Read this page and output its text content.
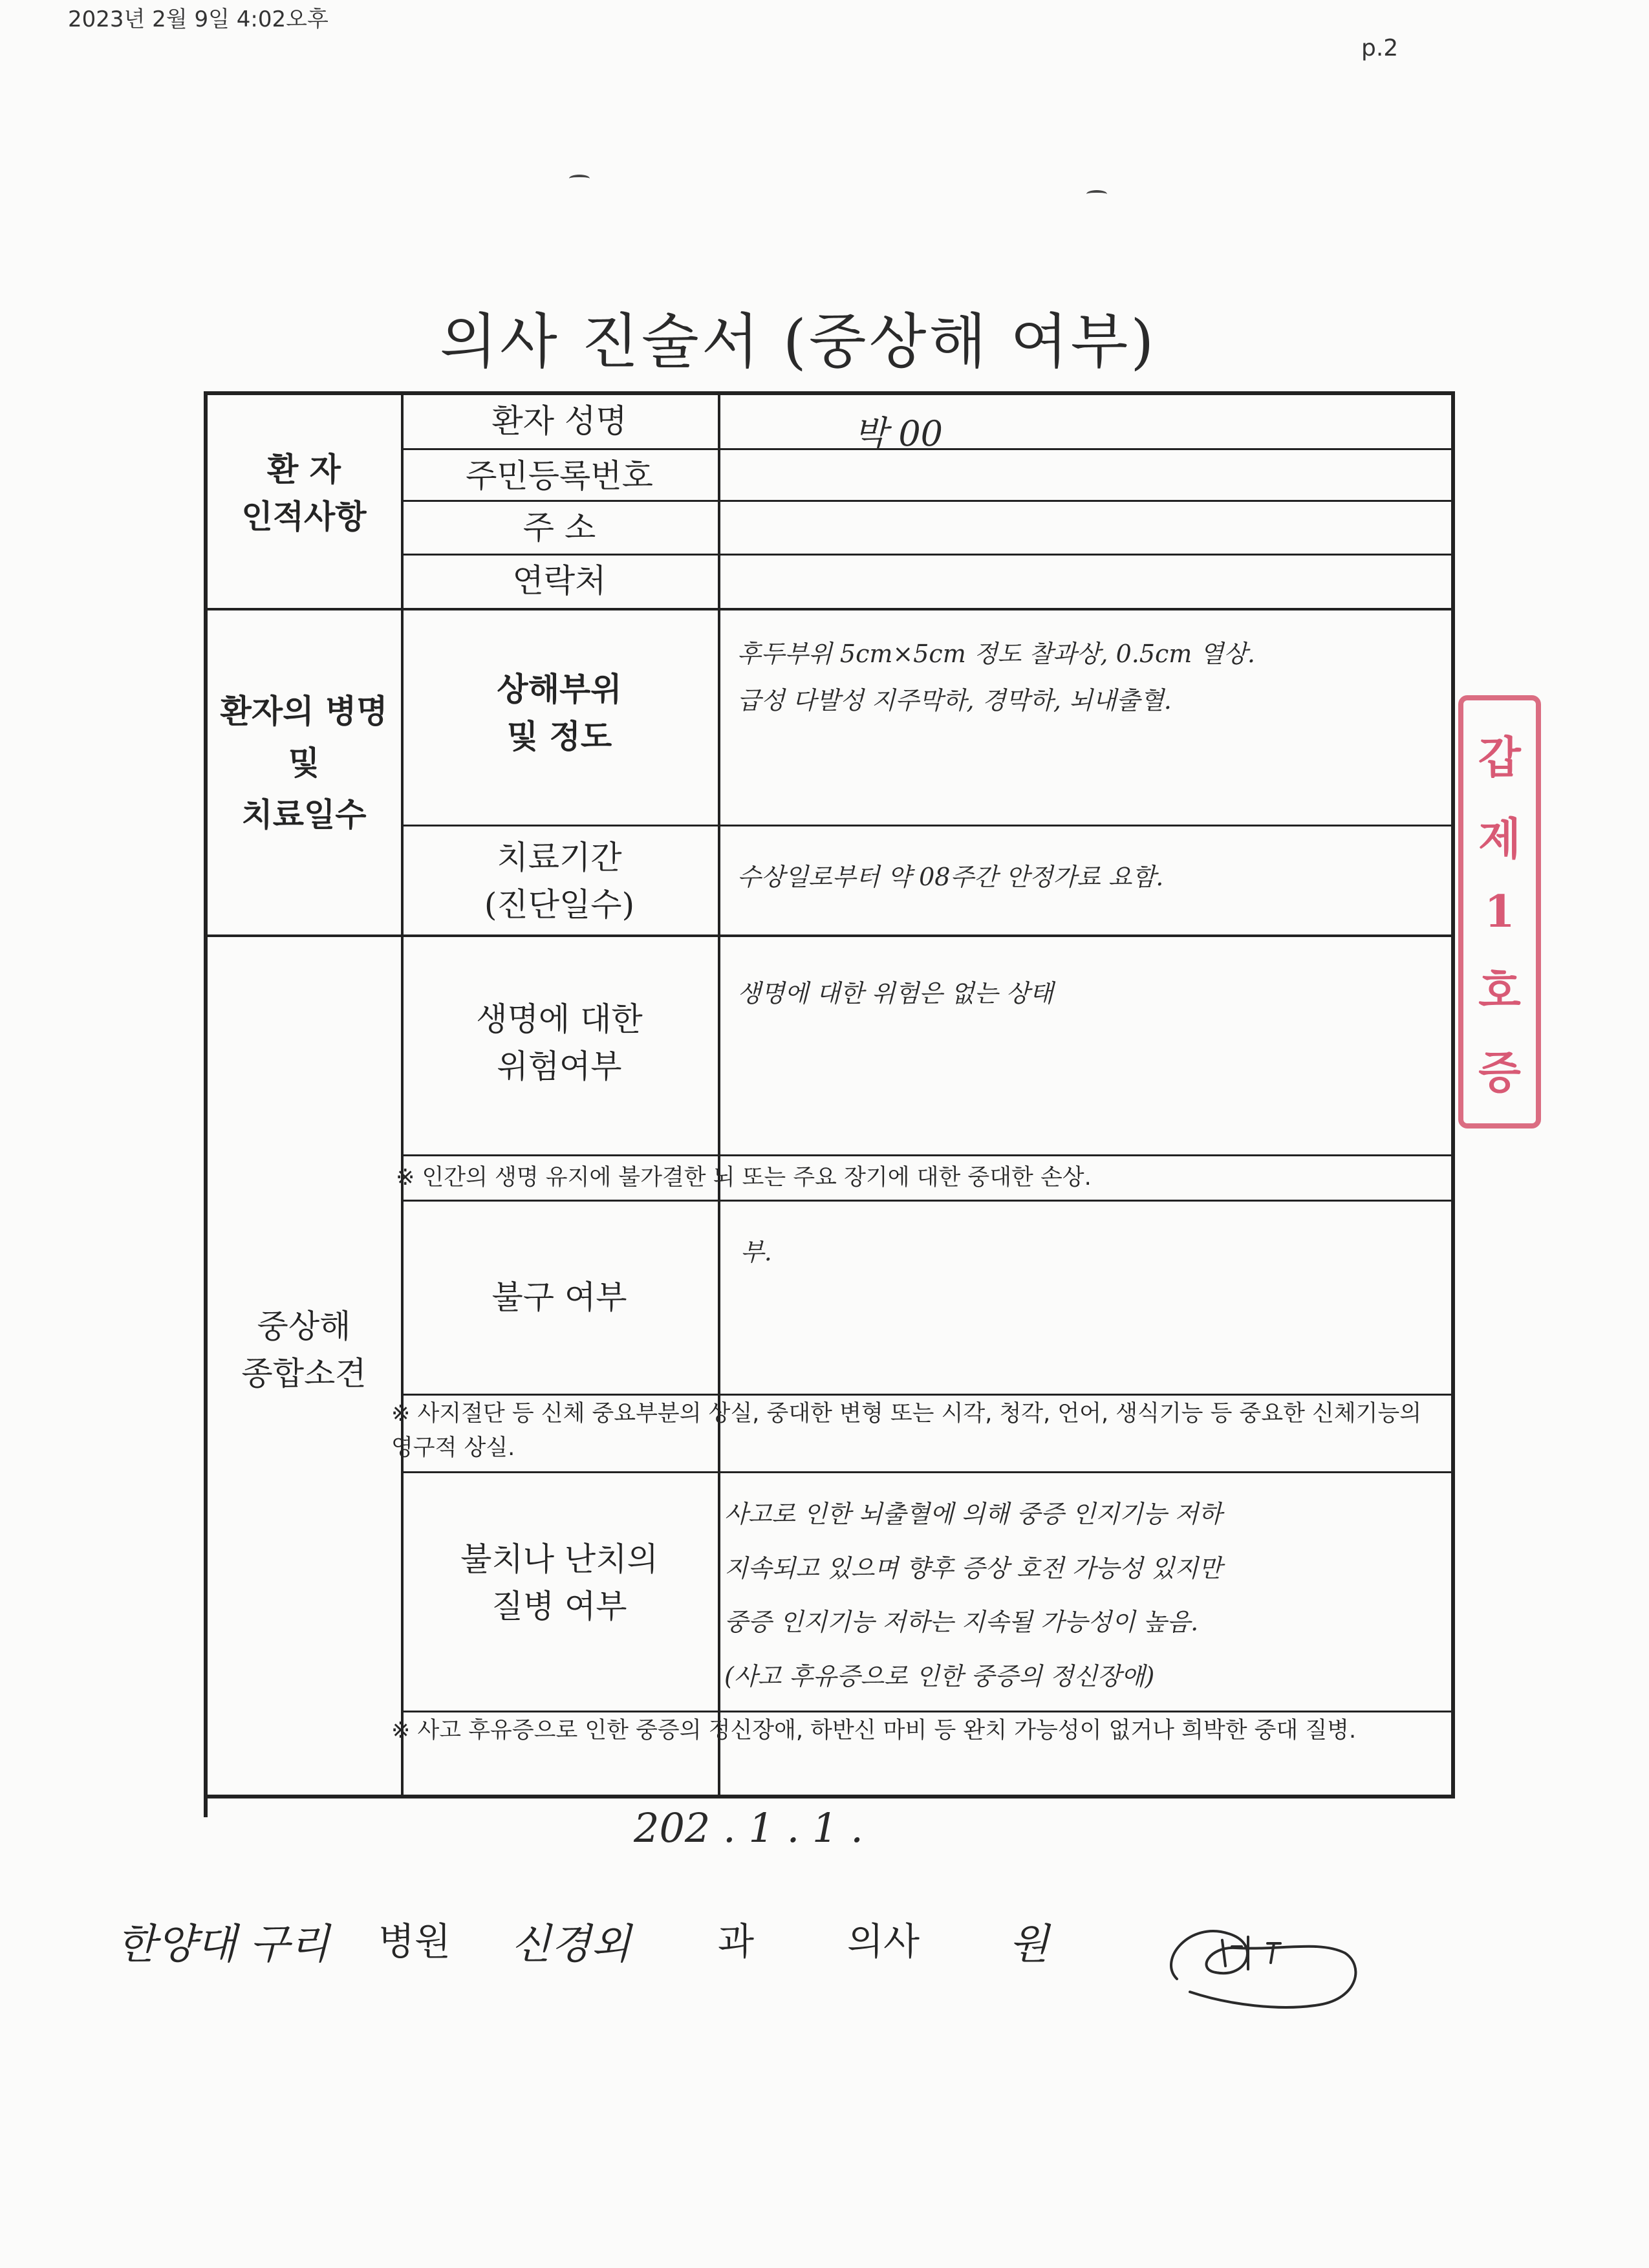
2023년 2월 9일 4:02오후
p.2
의사 진술서 (중상해 여부)
환 자
인적사항
환자 성명	박 00
주민등록번호
주 소
연락처
환자의 병명
및
치료일수
상해부위
및 정도
후두부위 5cm×5cm 정도 찰과상, 0.5cm 열상.
급성 다발성 지주막하, 경막하, 뇌내출혈.
치료기간
(진단일수)
수상일로부터 약 08주간 안정가료 요함.
중상해
종합소견
생명에 대한
위험여부
생명에 대한 위험은 없는 상태
※ 인간의 생명 유지에 불가결한 뇌 또는 주요 장기에 대한 중대한 손상.
불구 여부
부.
※ 사지절단 등 신체 중요부분의 상실, 중대한 변형 또는 시각, 청각, 언어, 생식기능 등 중요한 신체기능의 영구적 상실.
불치나 난치의
질병 여부
사고로 인한 뇌출혈에 의해 중증 인지기능 저하
지속되고 있으며 향후 증상 호전 가능성 있지만
중증 인지기능 저하는 지속될 가능성이 높음.
(사고 후유증으로 인한 중증의 정신장애)
※ 사고 후유증으로 인한 중증의 정신장애, 하반신 마비 등 완치 가능성이 없거나 희박한 중대 질병.
갑
제
1
호
증
202 . 1 . 1 .
한양대 구리 병원 신경외 과 의사 원
